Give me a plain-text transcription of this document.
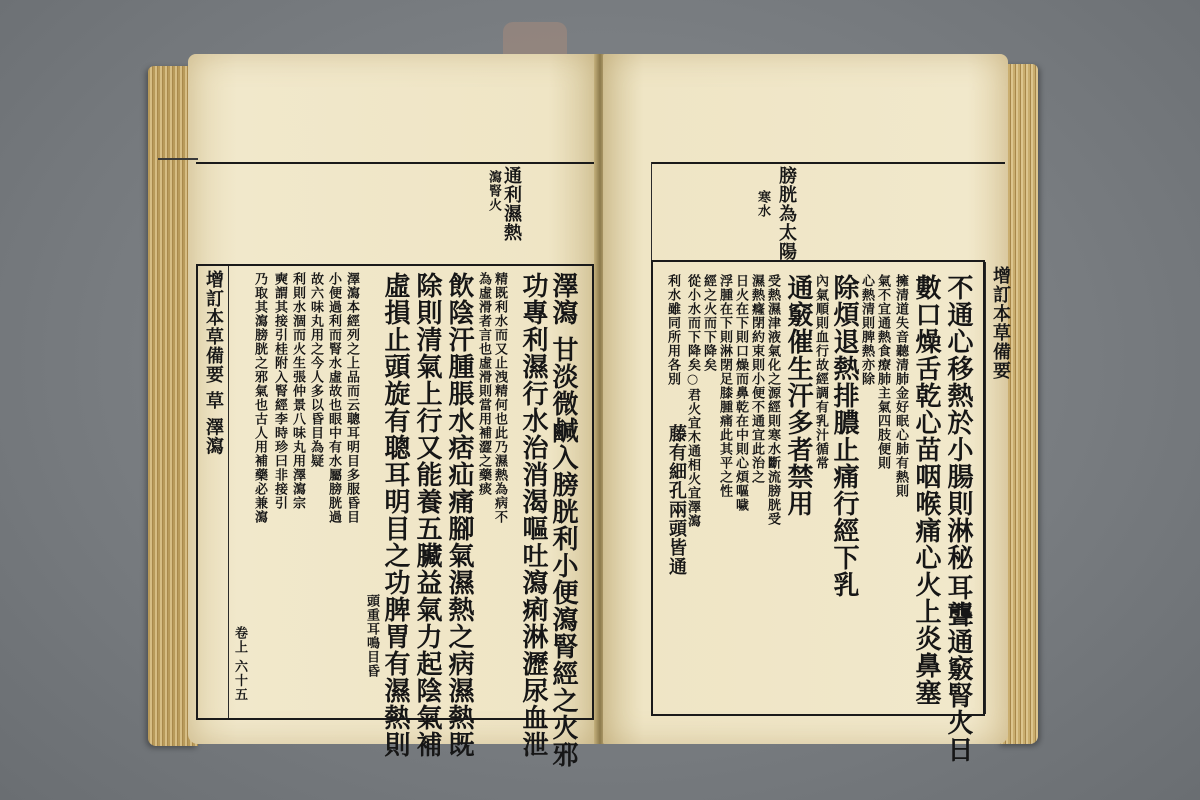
通利濕熱
瀉腎火
增訂本草備要 草 澤瀉	澤瀉 甘淡微鹹入膀胱利小便瀉腎經之火邪
功專利濕行水治消渴嘔吐瀉痢淋瀝尿血泄
精既利水而又止洩精何也此乃濕熱為病不
為虛滑者言也虛滑則當用補澀之藥痰
飲陰汗腫脹水痞疝痛腳氣濕熱之病濕熱既
除則清氣上行又能養五臟益氣力起陰氣補
虛損止頭旋有聰耳明目之功脾胃有濕熱則
頭重耳鳴目昏
澤瀉本經列之上品而云聰耳明目多服昏目
小便過利而腎水虛故也眼中有水屬膀胱過
故六味丸用之今人多以昏目為疑
利則水涸而火生張仲景八味丸用澤瀉宗
奭謂其接引桂附入腎經李時珍曰非接引
乃取其瀉膀胱之邪氣也古人用補藥必兼瀉
卷上 六十五
膀胱為太陽
寒水
增訂本草備要
不通心移熱於小腸則淋秘
耳聾通竅腎火日
數口燥舌乾心苗咽喉痛心火上炎鼻塞
擁清道失音聽清肺金好眠心肺有熱則
氣不宜通熱食療肺主氣四肢便則
心熱清則脾熱亦除
除煩退熱排膿止痛行經下乳
內氣順則血行故經調有乳汁循常
通竅催生汗多者禁用
受熱濕津液氣化之源經則寒水斷流膀胱受
濕熱癃閉約束則小便不通宜此治之
日火在下則口燥而鼻乾在中則心煩嘔噦
浮腫在下則淋閉足膝腫痛此其平之性
經之火而下降矣
從小水而下降矣○君火宜木通相火宜澤瀉
利水雖同所用各別
藤有細孔兩頭皆通
